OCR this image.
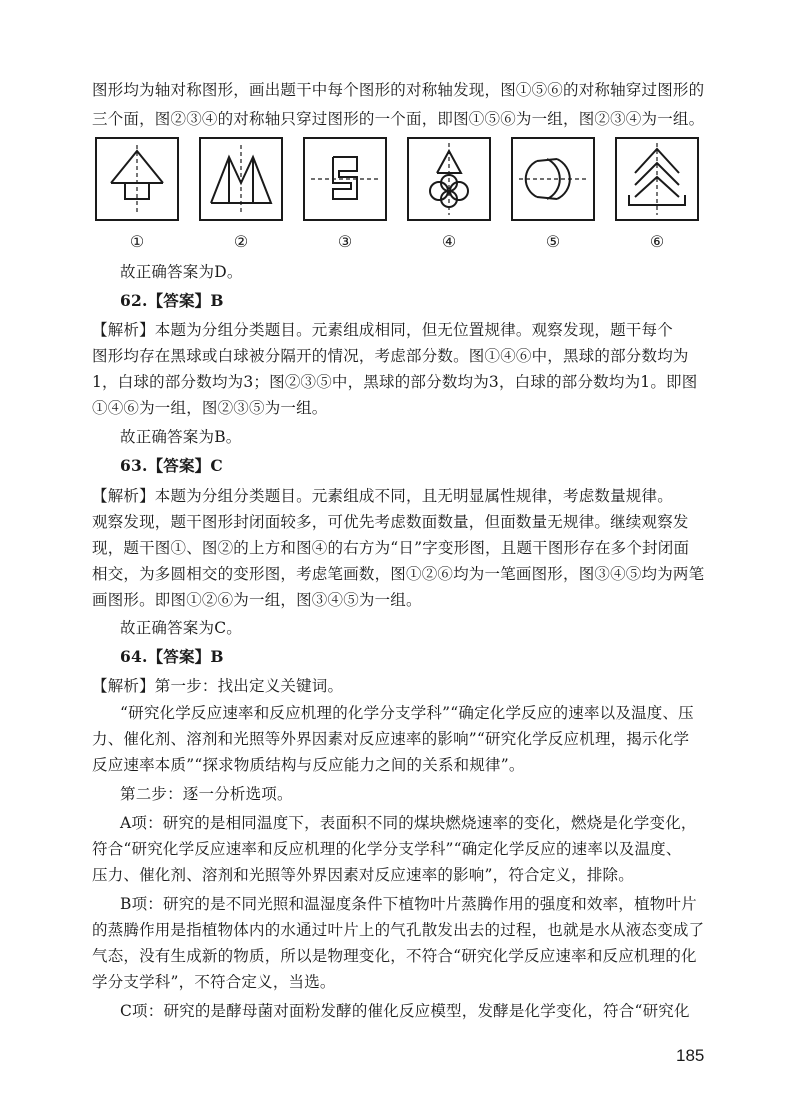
图形均为轴对称图形，画出题干中每个图形的对称轴发现，图①⑤⑥的对称轴穿过图形的
三个面，图②③④的对称轴只穿过图形的一个面，即图①⑤⑥为一组，图②③④为一组。
①	②	③	④	⑤	⑥
故正确答案为D。
62.【答案】B
【解析】本题为分组分类题目。元素组成相同，但无位置规律。观察发现，题干每个
图形均存在黑球或白球被分隔开的情况，考虑部分数。图①④⑥中，黑球的部分数均为
1，白球的部分数均为3；图②③⑤中，黑球的部分数均为3，白球的部分数均为1。即图
①④⑥为一组，图②③⑤为一组。
故正确答案为B。
63.【答案】C
【解析】本题为分组分类题目。元素组成不同，且无明显属性规律，考虑数量规律。
观察发现，题干图形封闭面较多，可优先考虑数面数量，但面数量无规律。继续观察发
现，题干图①、图②的上方和图④的右方为“日”字变形图，且题干图形存在多个封闭面
相交，为多圆相交的变形图，考虑笔画数，图①②⑥均为一笔画图形，图③④⑤均为两笔
画图形。即图①②⑥为一组，图③④⑤为一组。
故正确答案为C。
64.【答案】B
【解析】第一步：找出定义关键词。
“研究化学反应速率和反应机理的化学分支学科”“确定化学反应的速率以及温度、压
力、催化剂、溶剂和光照等外界因素对反应速率的影响”“研究化学反应机理，揭示化学
反应速率本质”“探求物质结构与反应能力之间的关系和规律”。
第二步：逐一分析选项。
A项：研究的是相同温度下，表面积不同的煤块燃烧速率的变化，燃烧是化学变化，
符合“研究化学反应速率和反应机理的化学分支学科”“确定化学反应的速率以及温度、
压力、催化剂、溶剂和光照等外界因素对反应速率的影响”，符合定义，排除。
B项：研究的是不同光照和温湿度条件下植物叶片蒸腾作用的强度和效率，植物叶片
的蒸腾作用是指植物体内的水通过叶片上的气孔散发出去的过程，也就是水从液态变成了
气态，没有生成新的物质，所以是物理变化，不符合“研究化学反应速率和反应机理的化
学分支学科”，不符合定义，当选。
C项：研究的是酵母菌对面粉发酵的催化反应模型，发酵是化学变化，符合“研究化
185
